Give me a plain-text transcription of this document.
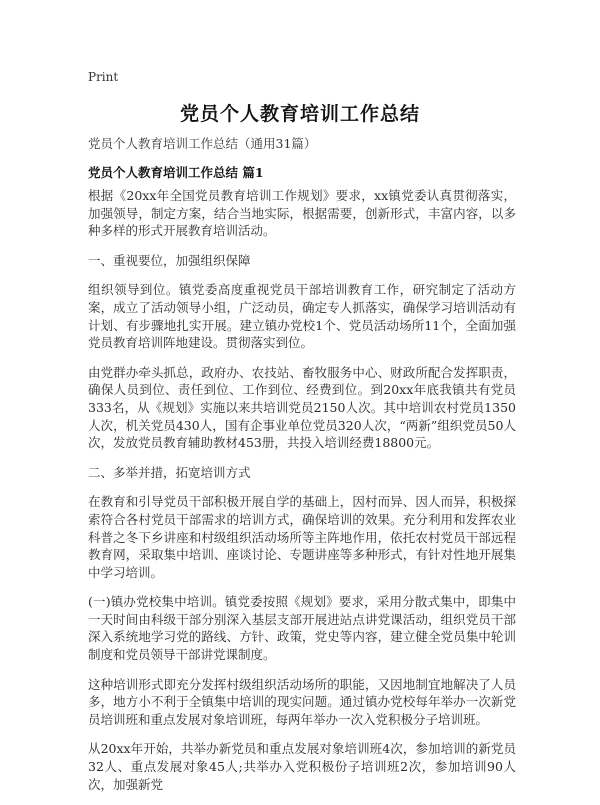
Print
党员个人教育培训工作总结
党员个人教育培训工作总结（通用31篇）
党员个人教育培训工作总结 篇1

根据《20xx年全国党员教育培训工作规划》要求，xx镇党委认真贯彻落实，加强领导，制定方案，结合当地实际，根据需要，创新形式，丰富内容，以多种多样的形式开展教育培训活动。

一、重视要位，加强组织保障

组织领导到位。镇党委高度重视党员干部培训教育工作，研究制定了活动方案，成立了活动领导小组，广泛动员，确定专人抓落实，确保学习培训活动有计划、有步骤地扎实开展。建立镇办党校1个、党员活动场所11个，全面加强党员教育培训阵地建设。贯彻落实到位。

由党群办牵头抓总，政府办、农技站、畜牧服务中心、财政所配合发挥职责，确保人员到位、责任到位、工作到位、经费到位。到20xx年底我镇共有党员333名，从《规划》实施以来共培训党员2150人次。其中培训农村党员1350人次，机关党员430人，国有企事业单位党员320人次，“两新”组织党员50人次，发放党员教育辅助教材453册，共投入培训经费18800元。

二、多举并措，拓宽培训方式

在教育和引导党员干部积极开展自学的基础上，因村而异、因人而异，积极探索符合各村党员干部需求的培训方式，确保培训的效果。充分利用和发挥农业科普之冬下乡讲座和村级组织活动场所等主阵地作用，依托农村党员干部远程教育网，采取集中培训、座谈讨论、专题讲座等多种形式，有针对性地开展集中学习培训。

(一)镇办党校集中培训。镇党委按照《规划》要求，采用分散式集中，即集中一天时间由科级干部分别深入基层支部开展进站点讲党课活动，组织党员干部深入系统地学习党的路线、方针、政策，党史等内容，建立健全党员集中轮训制度和党员领导干部讲党课制度。

这种培训形式即充分发挥村级组织活动场所的职能，又因地制宜地解决了人员多，地方小不利于全镇集中培训的现实问题。通过镇办党校每年举办一次新党员培训班和重点发展对象培训班，每两年举办一次入党积极分子培训班。

从20xx年开始，共举办新党员和重点发展对象培训班4次，参加培训的新党员32人、重点发展对象45人;共举办入党积极份子培训班2次，参加培训90人次，加强新党
